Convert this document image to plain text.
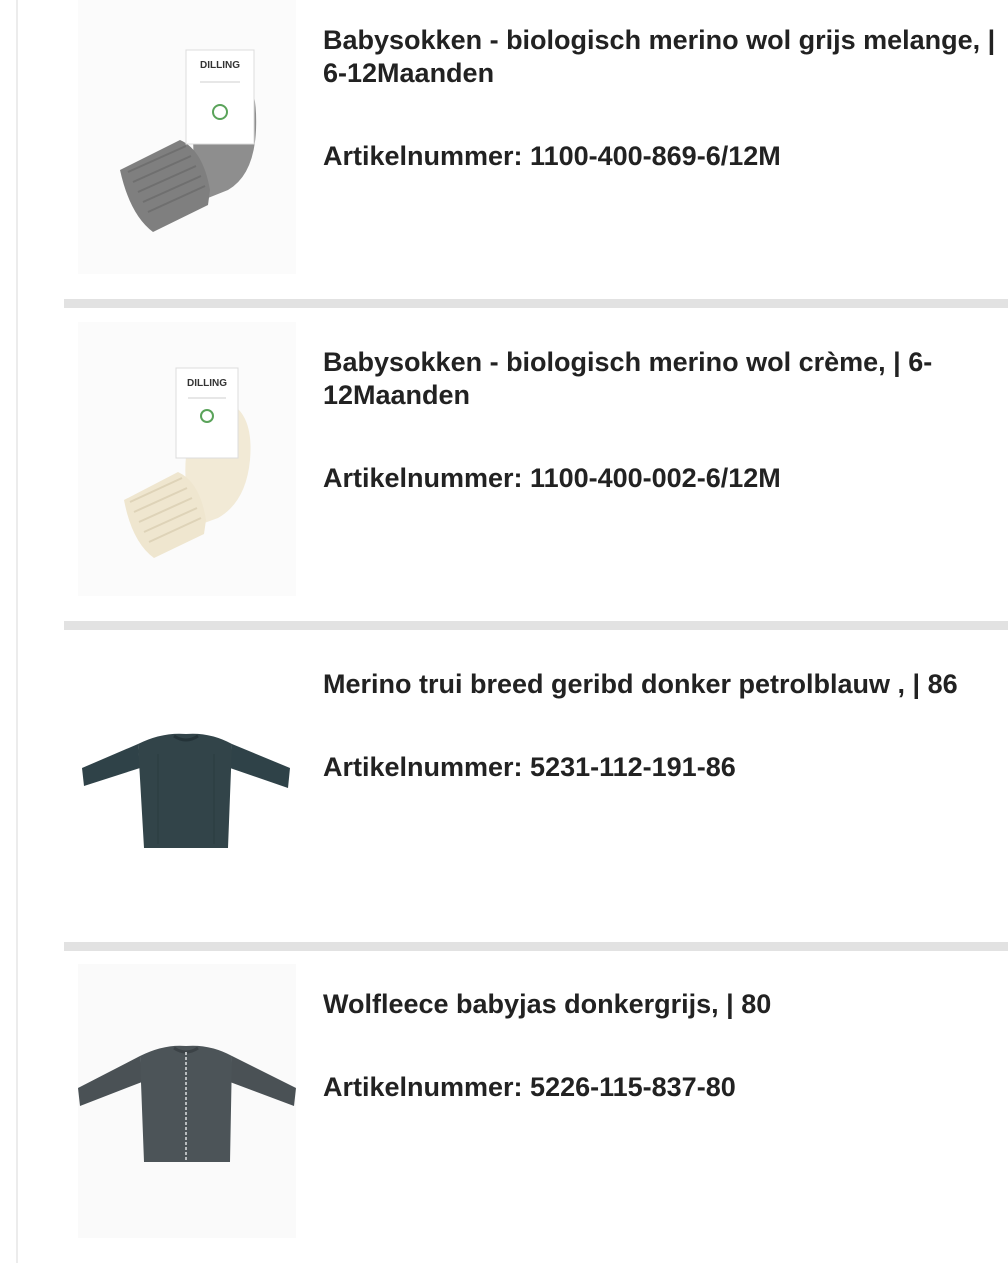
DILLING
Babysokken - biologisch merino wol grijs melange, |
6-12Maanden
Artikelnummer: 1100-400-869-6/12M
DILLING
Babysokken - biologisch merino wol crème, | 6-
12Maanden
Artikelnummer: 1100-400-002-6/12M
Merino trui breed geribd donker petrolblauw , | 86
Artikelnummer: 5231-112-191-86
Wolfleece babyjas donkergrijs, | 80
Artikelnummer: 5226-115-837-80
